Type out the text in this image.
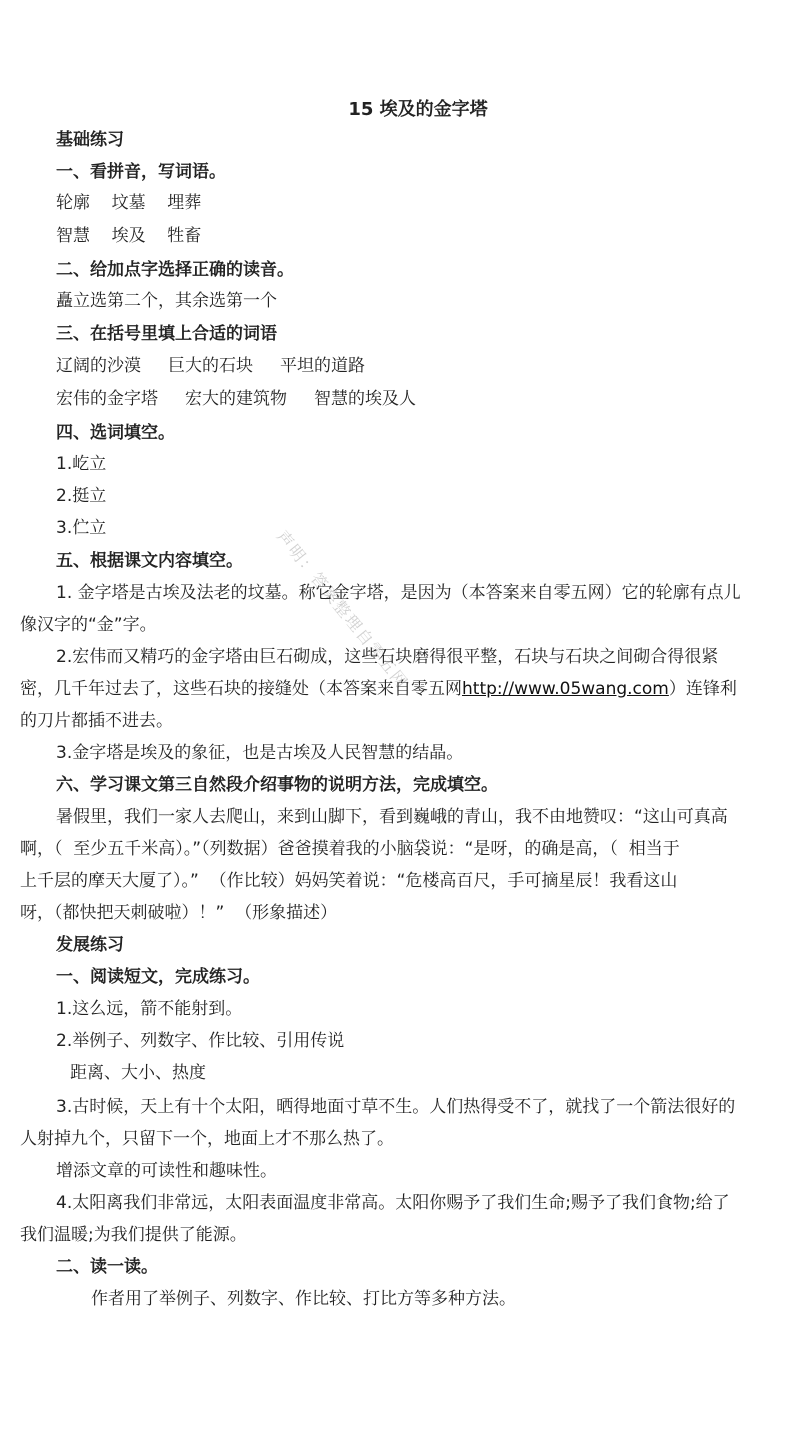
声明：答案整理自零五网
15 埃及的金字塔
基础练习
一、看拼音，写词语。
轮廓    坟墓    埋葬
智慧    埃及    牲畜
二、给加点字选择正确的读音。
矗立选第二个，其余选第一个
三、在括号里填上合适的词语
辽阔的沙漠     巨大的石块     平坦的道路
宏伟的金字塔     宏大的建筑物     智慧的埃及人
四、选词填空。
1.屹立
2.挺立
3.伫立
五、根据课文内容填空。
1. 金字塔是古埃及法老的坟墓。称它金字塔，是因为（本答案来自零五网）它的轮廓有点儿
像汉字的“金”字。
2.宏伟而又精巧的金字塔由巨石砌成，这些石块磨得很平整，石块与石块之间砌合得很紧
密，几千年过去了，这些石块的接缝处（本答案来自零五网http://www.05wang.com）连锋利
的刀片都插不进去。
3.金字塔是埃及的象征，也是古埃及人民智慧的结晶。
六、学习课文第三自然段介绍事物的说明方法，完成填空。
暑假里，我们一家人去爬山，来到山脚下，看到巍峨的青山，我不由地赞叹：“这山可真高
啊，（  至少五千米高）。”（列数据）爸爸摸着我的小脑袋说：“是呀，的确是高，（  相当于
上千层的摩天大厦了）。”  （作比较）妈妈笑着说：“危楼高百尺，手可摘星辰！我看这山
呀，（都快把天刺破啦）！”  （形象描述）
发展练习
一、阅读短文，完成练习。
1.这么远，箭不能射到。
2.举例子、列数字、作比较、引用传说
距离、大小、热度
3.古时候，天上有十个太阳，晒得地面寸草不生。人们热得受不了，就找了一个箭法很好的
人射掉九个，只留下一个，地面上才不那么热了。
增添文章的可读性和趣味性。
4.太阳离我们非常远，太阳表面温度非常高。太阳你赐予了我们生命;赐予了我们食物;给了
我们温暖;为我们提供了能源。
二、读一读。
作者用了举例子、列数字、作比较、打比方等多种方法。
